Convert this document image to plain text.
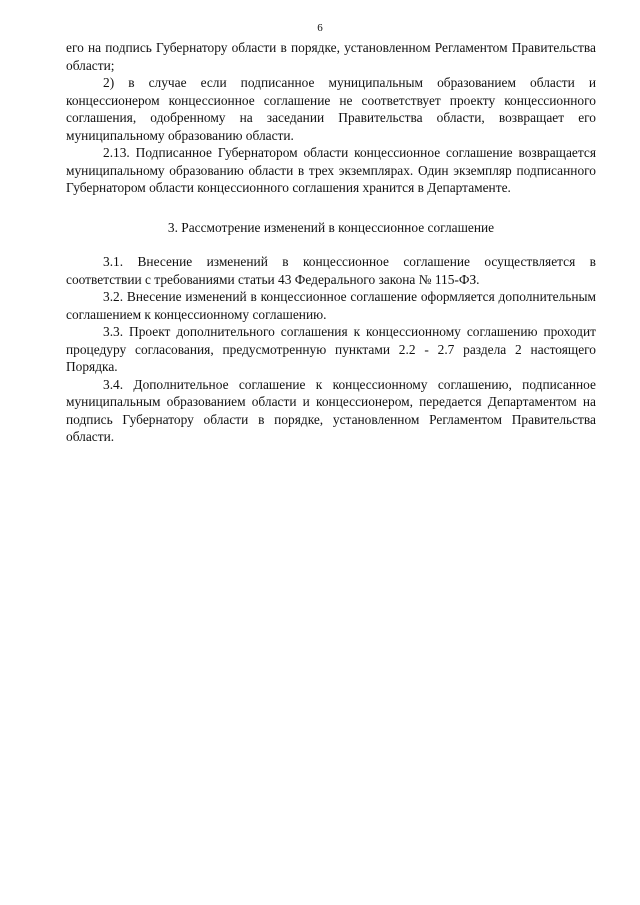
6

его на подпись Губернатору области в порядке, установленном Регламентом Правительства области;

2) в случае если подписанное муниципальным образованием области и концессионером концессионное соглашение не соответствует проекту концессионного соглашения, одобренному на заседании Правительства области, возвращает его муниципальному образованию области.

2.13. Подписанное Губернатором области концессионное соглашение возвращается муниципальному образованию области в трех экземплярах. Один экземпляр подписанного Губернатором области концессионного соглашения хранится в Департаменте.

3. Рассмотрение изменений в концессионное соглашение

3.1. Внесение изменений в концессионное соглашение осуществляется в соответствии с требованиями статьи 43 Федерального закона № 115-ФЗ.

3.2. Внесение изменений в концессионное соглашение оформляется дополнительным соглашением к концессионному соглашению.

3.3. Проект дополнительного соглашения к концессионному соглашению проходит процедуру согласования, предусмотренную пунктами 2.2 - 2.7 раздела 2 настоящего Порядка.

3.4. Дополнительное соглашение к концессионному соглашению, подписанное муниципальным образованием области и концессионером, передается Департаментом на подпись Губернатору области в порядке, установленном Регламентом Правительства области.
